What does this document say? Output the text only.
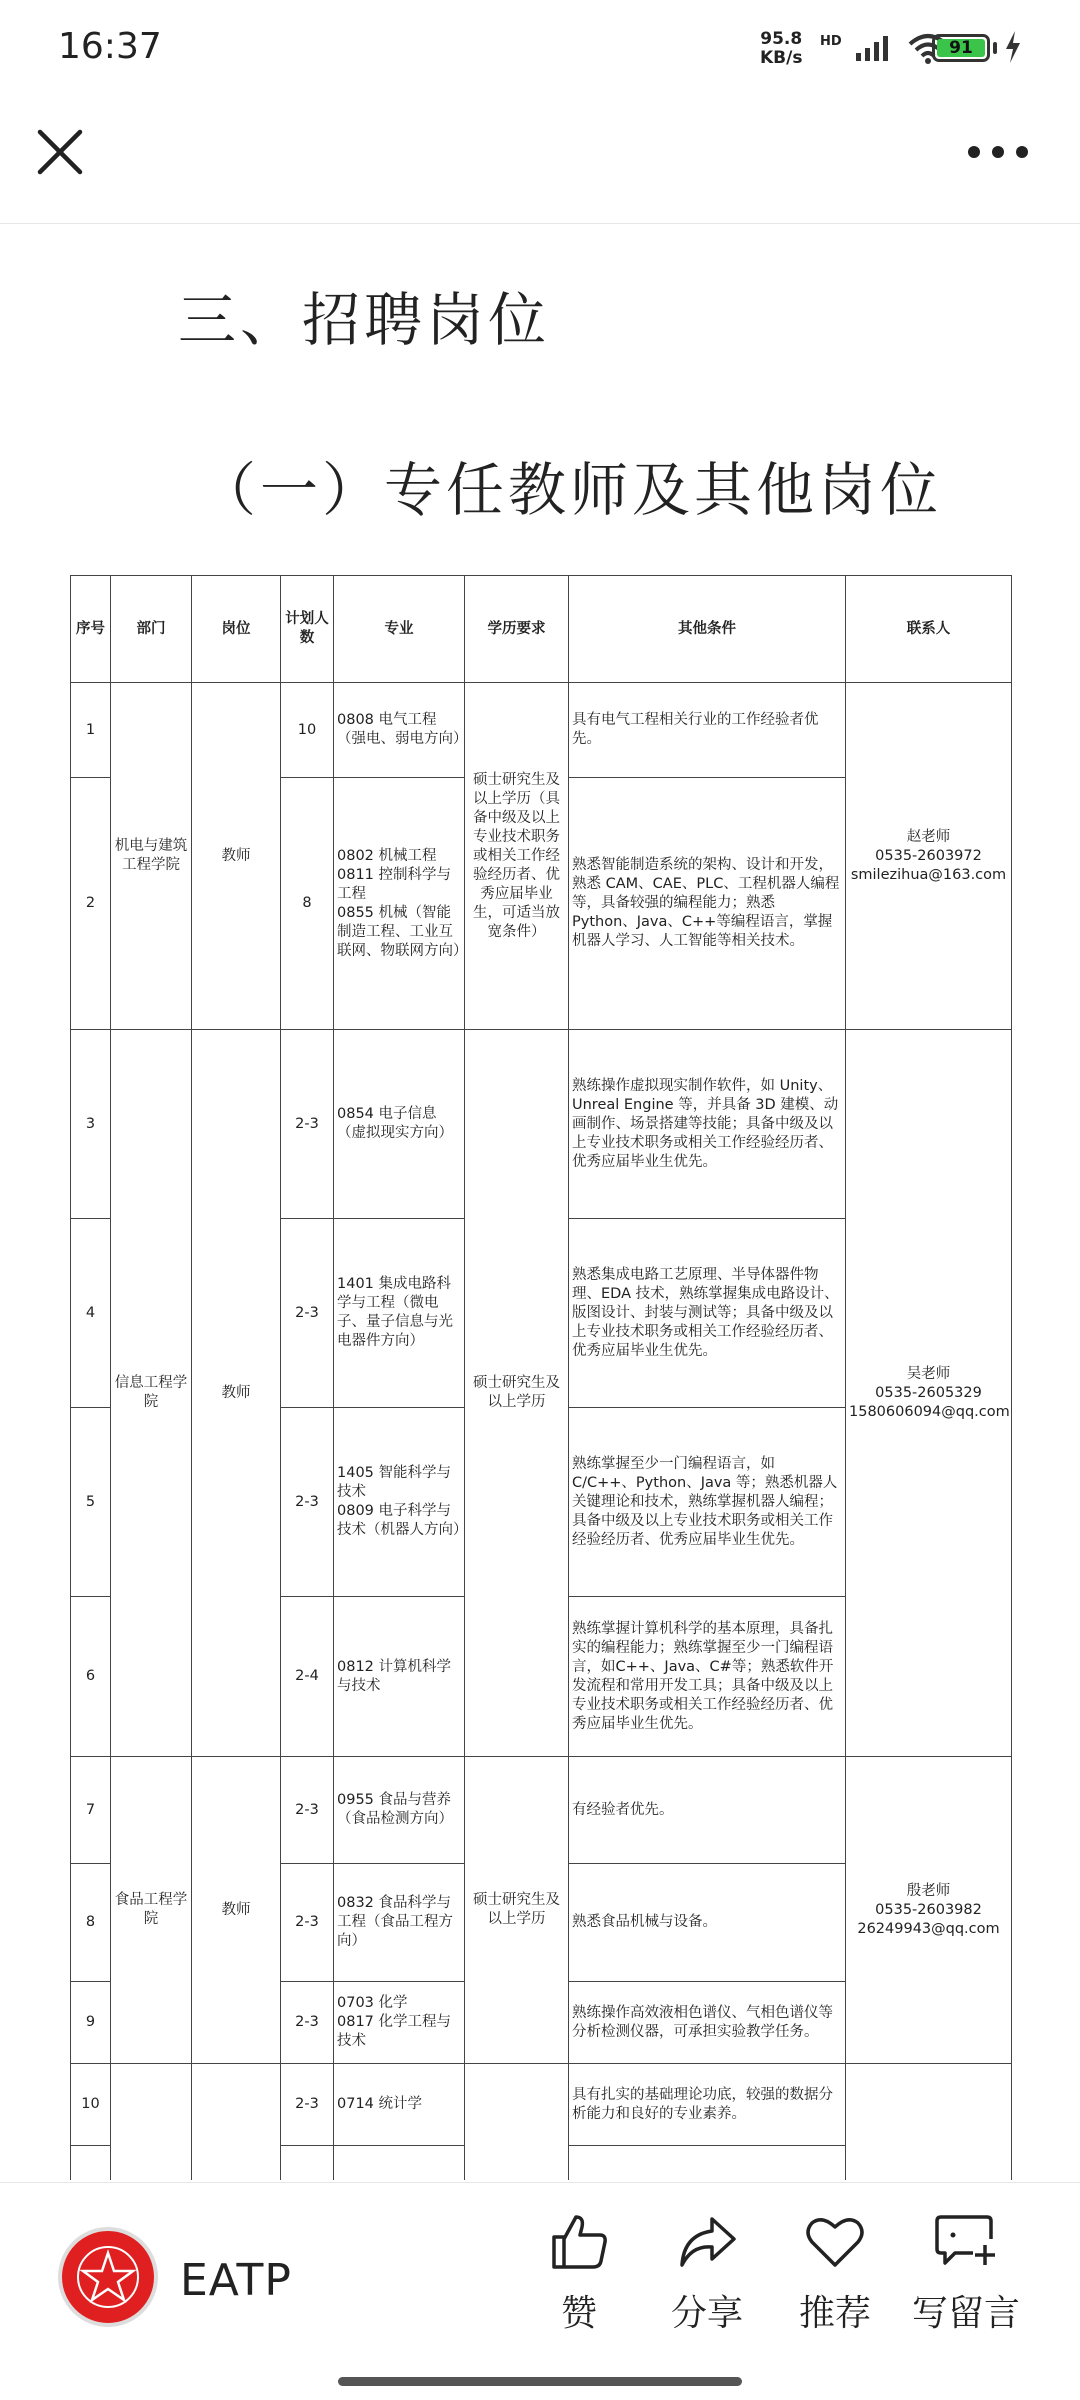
16:37	95.8
KB/s
HD	91
三、招聘岗位
（一）专任教师及其他岗位
序号	部门	岗位	计划人数	专业	学历要求	其他条件	联系人
1	机电与建筑工程学院	教师	10	0808 电气工程（强电、弱电方向）	硕士研究生及以上学历（具备中级及以上专业技术职务或相关工作经验经历者、优秀应届毕业生，可适当放宽条件）	具有电气工程相关行业的工作经验者优先。	赵老师
0535-2603972
smilezihua@163.com

2			8	0802 机械工程
0811 控制科学与工程
0855 机械（智能制造工程、工业互联网、物联网方向）		熟悉智能制造系统的架构、设计和开发，熟悉 CAM、CAE、PLC、工程机器人编程等，具备较强的编程能力；熟悉 Python、Java、C++等编程语言，掌握机器人学习、人工智能等相关技术。	
3	信息工程学院	教师	2-3	0854 电子信息（虚拟现实方向）	硕士研究生及以上学历	熟练操作虚拟现实制作软件，如 Unity、Unreal Engine 等，并具备 3D 建模、动画制作、场景搭建等技能；具备中级及以上专业技术职务或相关工作经验经历者、优秀应届毕业生优先。	吴老师
0535-2605329
1580606094@qq.com

4			2-3	1401 集成电路科学与工程（微电子、量子信息与光电器件方向）		熟悉集成电路工艺原理、半导体器件物理、EDA 技术，熟练掌握集成电路设计、版图设计、封装与测试等；具备中级及以上专业技术职务或相关工作经验经历者、优秀应届毕业生优先。	
5			2-3	1405 智能科学与技术
0809 电子科学与技术（机器人方向）		熟练掌握至少一门编程语言，如 C/C++、Python、Java 等；熟悉机器人关键理论和技术，熟练掌握机器人编程；具备中级及以上专业技术职务或相关工作经验经历者、优秀应届毕业生优先。	
6			2-4	0812 计算机科学与技术		熟练掌握计算机科学的基本原理，具备扎实的编程能力；熟练掌握至少一门编程语言，如C++、Java、C#等；熟悉软件开发流程和常用开发工具；具备中级及以上专业技术职务或相关工作经验经历者、优秀应届毕业生优先。	
7	食品工程学院	教师	2-3	0955 食品与营养（食品检测方向）	硕士研究生及以上学历	有经验者优先。	殷老师
0535-2603982
26249943@qq.com

8			2-3	0832 食品科学与工程（食品工程方向）		熟悉食品机械与设备。	
9			2-3	0703 化学
0817 化学工程与技术		熟练操作高效液相色谱仪、气相色谱仪等分析检测仪器，可承担实验教学任务。	
10			2-3	0714 统计学		具有扎实的基础理论功底，较强的数据分析能力和良好的专业素养。	

EATP
赞	分享	推荐	写留言
